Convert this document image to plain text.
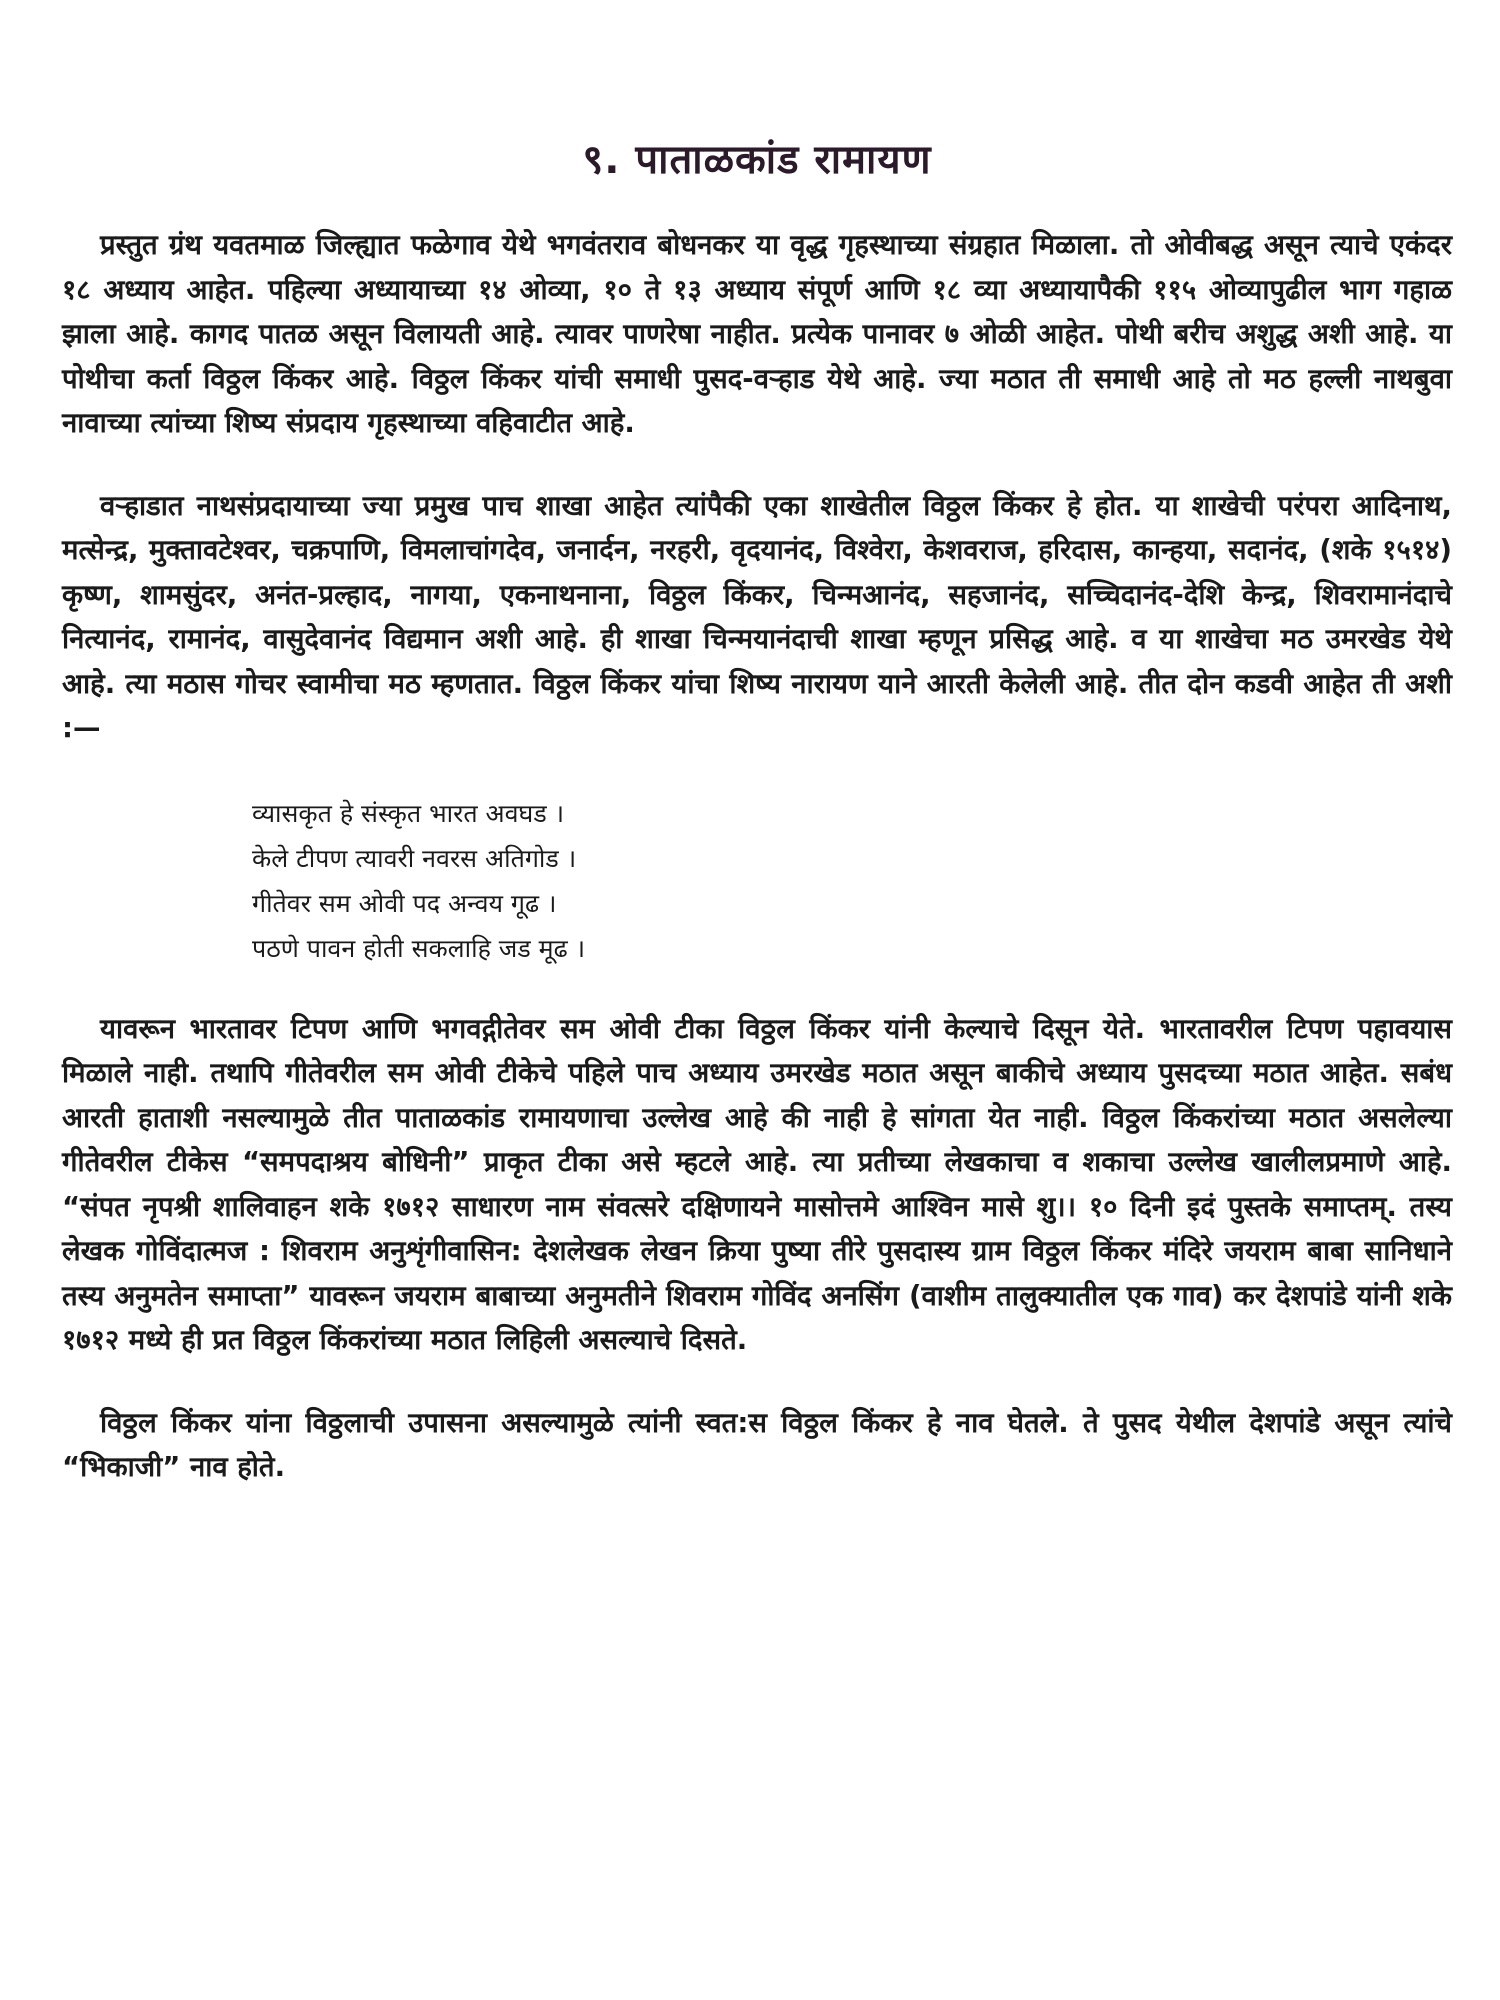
९. पाताळकांड रामायण

प्रस्तुत ग्रंथ यवतमाळ जिल्ह्यात फळेगाव येथे भगवंतराव बोधनकर या वृद्ध गृहस्थाच्या संग्रहात मिळाला. तो ओवीबद्ध असून त्याचे एकंदर १८ अध्याय आहेत. पहिल्या अध्यायाच्या १४ ओव्या, १० ते १३ अध्याय संपूर्ण आणि १८ व्या अध्यायापैकी ११५ ओव्यापुढील भाग गहाळ झाला आहे. कागद पातळ असून विलायती आहे. त्यावर पाणरेषा नाहीत. प्रत्येक पानावर ७ ओळी आहेत. पोथी बरीच अशुद्ध अशी आहे. या पोथीचा कर्ता विठ्ठल किंकर आहे. विठ्ठल किंकर यांची समाधी पुसद-वऱ्हाड येथे आहे. ज्या मठात ती समाधी आहे तो मठ हल्ली नाथबुवा नावाच्या त्यांच्या शिष्य संप्रदाय गृहस्थाच्या वहिवाटीत आहे.

वऱ्हाडात नाथसंप्रदायाच्या ज्या प्रमुख पाच शाखा आहेत त्यांपैकी एका शाखेतील विठ्ठल किंकर हे होत. या शाखेची परंपरा आदिनाथ, मत्सेन्द्र, मुक्तावटेश्वर, चक्रपाणि, विमलाचांगदेव, जनार्दन, नरहरी, वृदयानंद, विश्वेरा, केशवराज, हरिदास, कान्हया, सदानंद, (शके १५१४) कृष्ण, शामसुंदर, अनंत-प्रल्हाद, नागया, एकनाथनाना, विठ्ठल किंकर, चिन्मआनंद, सहजानंद, सच्चिदानंद-देशि केन्द्र, शिवरामानंदाचे नित्यानंद, रामानंद, वासुदेवानंद विद्यमान अशी आहे. ही शाखा चिन्मयानंदाची शाखा म्हणून प्रसिद्ध आहे. व या शाखेचा मठ उमरखेड येथे आहे. त्या मठास गोचर स्वामीचा मठ म्हणतात. विठ्ठल किंकर यांचा शिष्य नारायण याने आरती केलेली आहे. तीत दोन कडवी आहेत ती अशी :—

व्यासकृत हे संस्कृत भारत अवघड ।
केले टीपण त्यावरी नवरस अतिगोड ।
गीतेवर सम ओवी पद अन्वय गूढ ।
पठणे पावन होती सकलाहि जड मूढ ।

यावरून भारतावर टिपण आणि भगवद्गीतेवर सम ओवी टीका विठ्ठल किंकर यांनी केल्याचे दिसून येते. भारतावरील टिपण पहावयास मिळाले नाही. तथापि गीतेवरील सम ओवी टीकेचे पहिले पाच अध्याय उमरखेड मठात असून बाकीचे अध्याय पुसदच्या मठात आहेत. सबंध आरती हाताशी नसल्यामुळे तीत पाताळकांड रामायणाचा उल्लेख आहे की नाही हे सांगता येत नाही. विठ्ठल किंकरांच्या मठात असलेल्या गीतेवरील टीकेस “समपदाश्रय बोधिनी” प्राकृत टीका असे म्हटले आहे. त्या प्रतीच्या लेखकाचा व शकाचा उल्लेख खालीलप्रमाणे आहे. “संपत नृपश्री शालिवाहन शके १७१२ साधारण नाम संवत्सरे दक्षिणायने मासोत्तमे आश्विन मासे शु।। १० दिनी इदं पुस्तके समाप्तम्. तस्य लेखक गोविंदात्मज : शिवराम अनुशृंगीवासिन: देशलेखक लेखन क्रिया पुष्या तीरे पुसदास्य ग्राम विठ्ठल किंकर मंदिरे जयराम बाबा सानिधाने तस्य अनुमतेन समाप्ता” यावरून जयराम बाबाच्या अनुमतीने शिवराम गोविंद अनसिंग (वाशीम तालुक्यातील एक गाव) कर देशपांडे यांनी शके १७१२ मध्ये ही प्रत विठ्ठल किंकरांच्या मठात लिहिली असल्याचे दिसते.

विठ्ठल किंकर यांना विठ्ठलाची उपासना असल्यामुळे त्यांनी स्वत:स विठ्ठल किंकर हे नाव घेतले. ते पुसद येथील देशपांडे असून त्यांचे “भिकाजी” नाव होते.
